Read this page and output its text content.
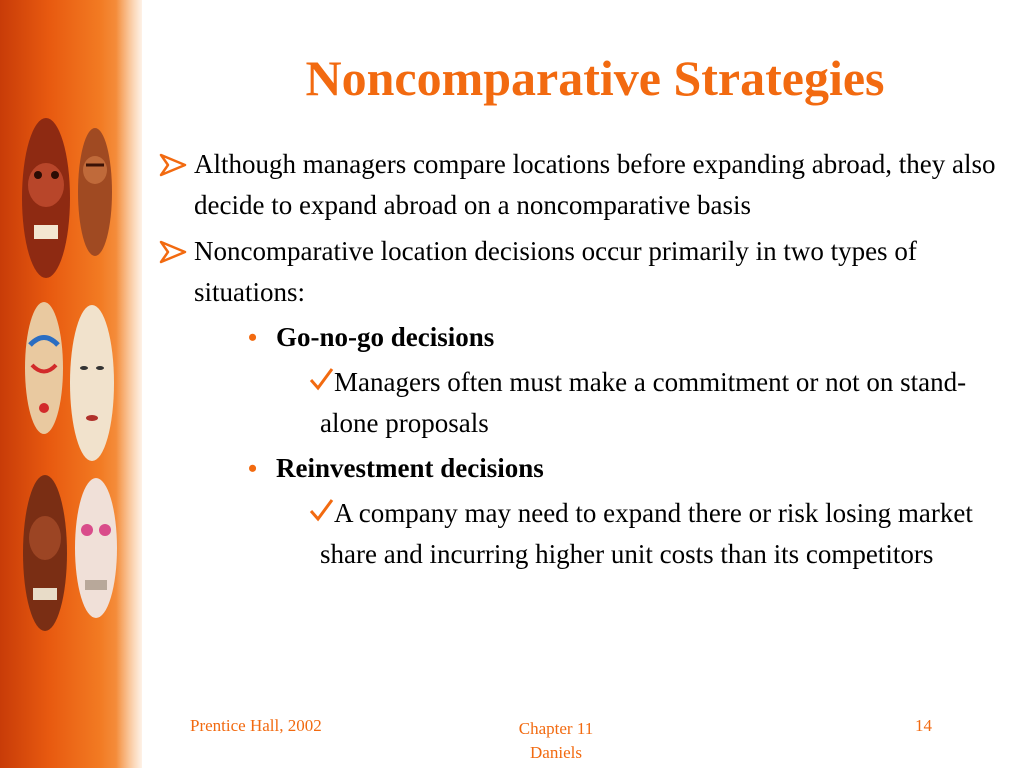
Noncomparative Strategies
Although managers compare locations before expanding abroad, they also decide to expand abroad on a noncomparative basis
Noncomparative location decisions occur primarily in two types of situations:
• Go-no-go decisions
Managers often must make a commitment or not on stand-alone proposals
• Reinvestment decisions
A company may need to expand there or risk losing market share and incurring higher unit costs than its competitors
Prentice Hall, 2002	Chapter 11
Daniels
14
